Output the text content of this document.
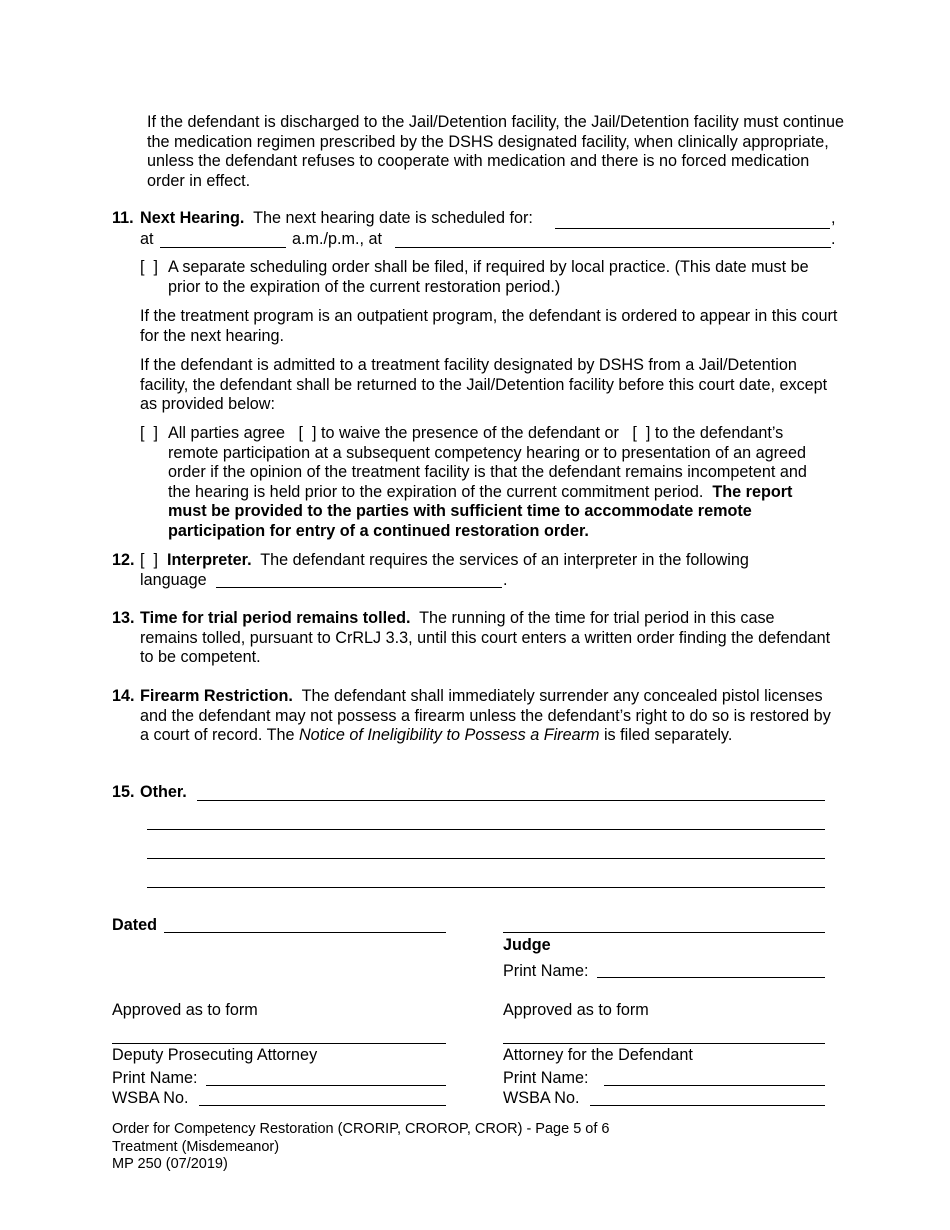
If the defendant is discharged to the Jail/Detention facility, the Jail/Detention facility must continue the medication regimen prescribed by the DSHS designated facility, when clinically appropriate, unless the defendant refuses to cooperate with medication and there is no forced medication order in effect.

11. Next Hearing. The next hearing date is scheduled for:	,
at	a.m./p.m., at	.
[  ] A separate scheduling order shall be filed, if required by local practice. (This date must be prior to the expiration of the current restoration period.)

If the treatment program is an outpatient program, the defendant is ordered to appear in this court for the next hearing.

If the defendant is admitted to a treatment facility designated by DSHS from a Jail/Detention facility, the defendant shall be returned to the Jail/Detention facility before this court date, except as provided below:

[  ] All parties agree [  ] to waive the presence of the defendant or [  ] to the defendant’s remote participation at a subsequent competency hearing or to presentation of an agreed order if the opinion of the treatment facility is that the defendant remains incompetent and the hearing is held prior to the expiration of the current commitment period. The report must be provided to the parties with sufficient time to accommodate remote participation for entry of a continued restoration order.

12. [  ] Interpreter. The defendant requires the services of an interpreter in the following
language	.
13. Time for trial period remains tolled. The running of the time for trial period in this case remains tolled, pursuant to CrRLJ 3.3, until this court enters a written order finding the defendant to be competent.

14. Firearm Restriction. The defendant shall immediately surrender any concealed pistol licenses and the defendant may not possess a firearm unless the defendant’s right to do so is restored by a court of record. The Notice of Ineligibility to Possess a Firearm is filed separately.

15. Other.
Dated
Judge
Print Name:
Approved as to form	Approved as to form
Deputy Prosecuting Attorney
Print Name:
WSBA No.
Attorney for the Defendant
Print Name:
WSBA No.
Order for Competency Restoration (CRORIP, CROROP, CROR) - Page 5 of 6
Treatment (Misdemeanor)
MP 250 (07/2019)
